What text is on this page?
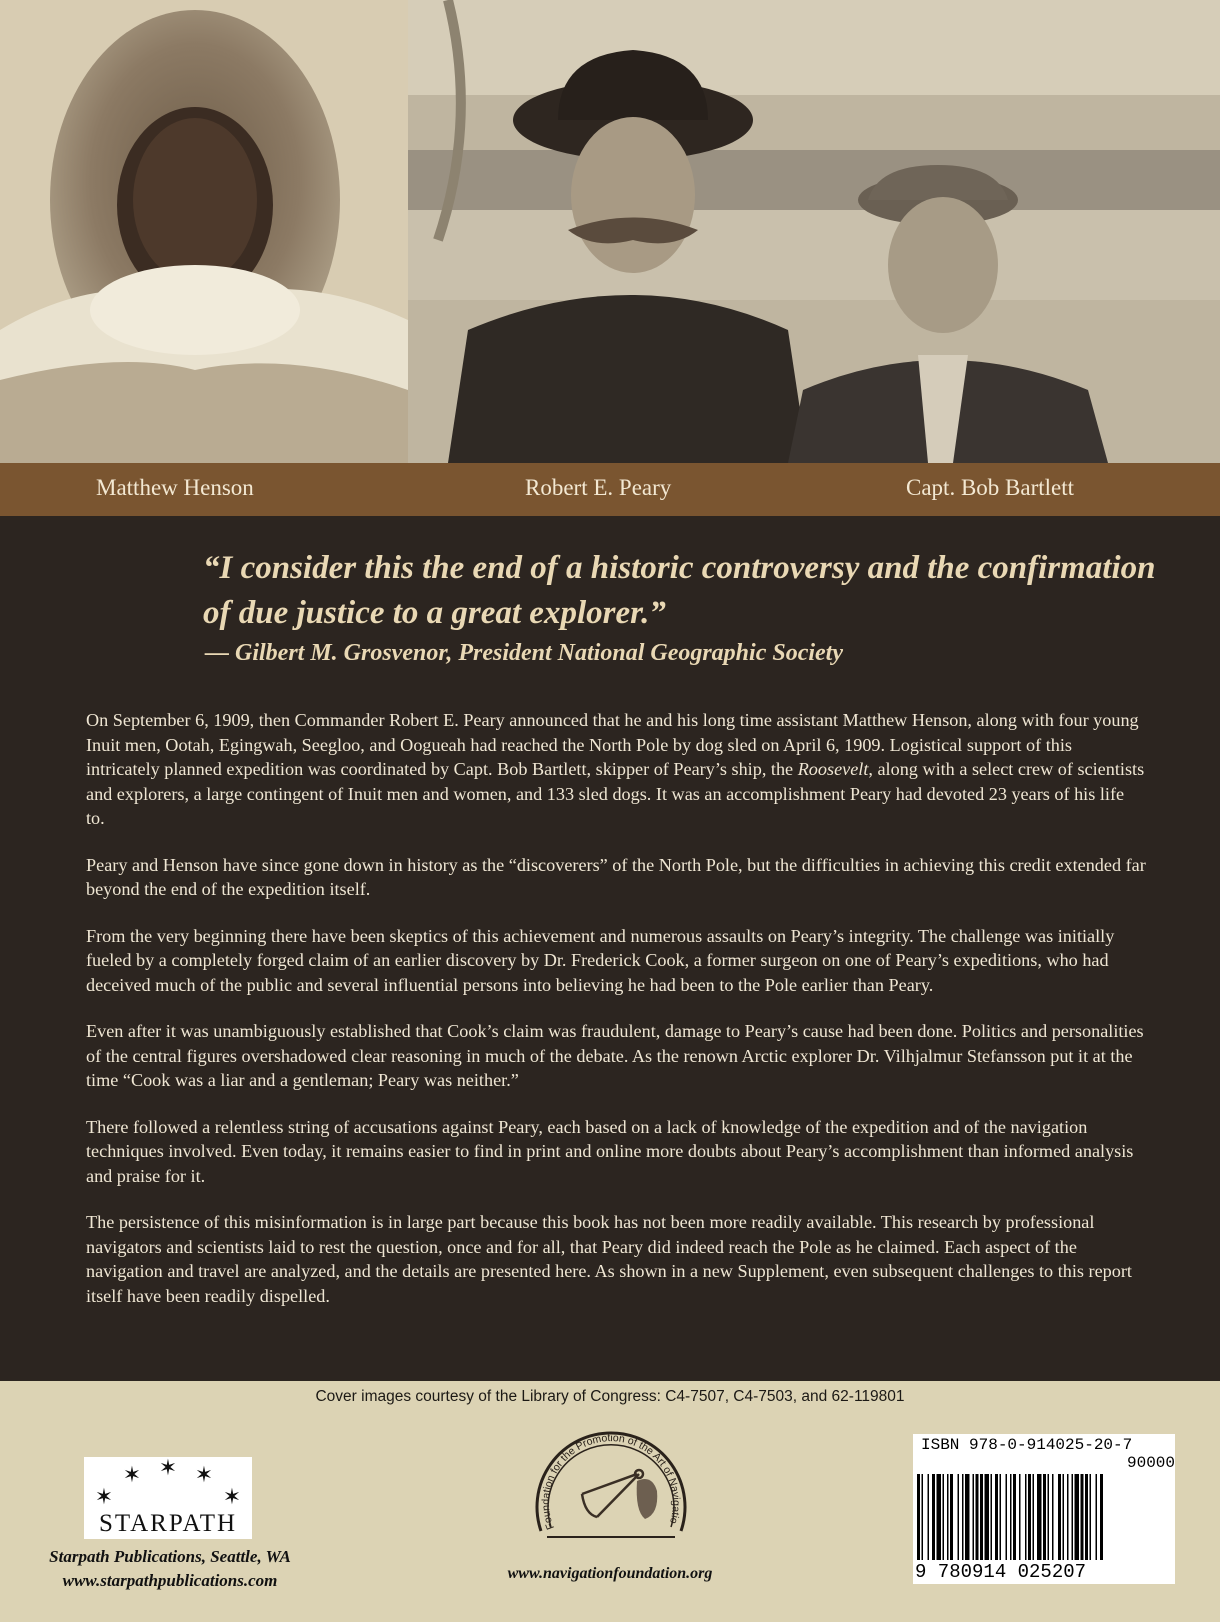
Matthew Henson	Robert E. Peary	Capt. Bob Bartlett
“I consider this the end of a historic controversy and the confirmation of due justice to a great explorer.”
— Gilbert M. Grosvenor, President National Geographic Society

On September 6, 1909, then Commander Robert E. Peary announced that he and his long time assistant Matthew Henson, along with four young Inuit men, Ootah, Egingwah, Seegloo, and Oogueah had reached the North Pole by dog sled on April 6, 1909. Logistical support of this intricately planned expedition was coordinated by Capt. Bob Bartlett, skipper of Peary’s ship, the Roosevelt, along with a select crew of scientists and explorers, a large contingent of Inuit men and women, and 133 sled dogs. It was an accomplishment Peary had devoted 23 years of his life to.

Peary and Henson have since gone down in history as the “discoverers” of the North Pole, but the difficulties in achieving this credit extended far beyond the end of the expedition itself.

From the very beginning there have been skeptics of this achievement and numerous assaults on Peary’s integrity. The challenge was initially fueled by a completely forged claim of an earlier discovery by Dr. Frederick Cook, a former surgeon on one of Peary’s expeditions, who had deceived much of the public and several influential persons into believing he had been to the Pole earlier than Peary.

Even after it was unambiguously established that Cook’s claim was fraudulent, damage to Peary’s cause had been done. Politics and personalities of the central figures overshadowed clear reasoning in much of the debate. As the renown Arctic explorer Dr. Vilhjalmur Stefansson put it at the time “Cook was a liar and a gentleman; Peary was neither.”

There followed a relentless string of accusations against Peary, each based on a lack of knowledge of the expedition and of the navigation techniques involved. Even today, it remains easier to find in print and online more doubts about Peary’s accomplishment than informed analysis and praise for it.

The persistence of this misinformation is in large part because this book has not been more readily available. This research by professional navigators and scientists laid to rest the question, once and for all, that Peary did indeed reach the Pole as he claimed. Each aspect of the navigation and travel are analyzed, and the details are presented here. As shown in a new Supplement, even subsequent challenges to this report itself have been readily dispelled.

Cover images courtesy of the Library of Congress: C4-7507, C4-7503, and 62-119801
✶ ✶ ✶
✶	✶
STARPATH
Starpath Publications, Seattle, WA
www.starpathpublications.com
Foundation for the Promotion of the Art of Navigatio
www.navigationfoundation.org
ISBN 978-0-914025-20-7
90000
9 780914 025207
